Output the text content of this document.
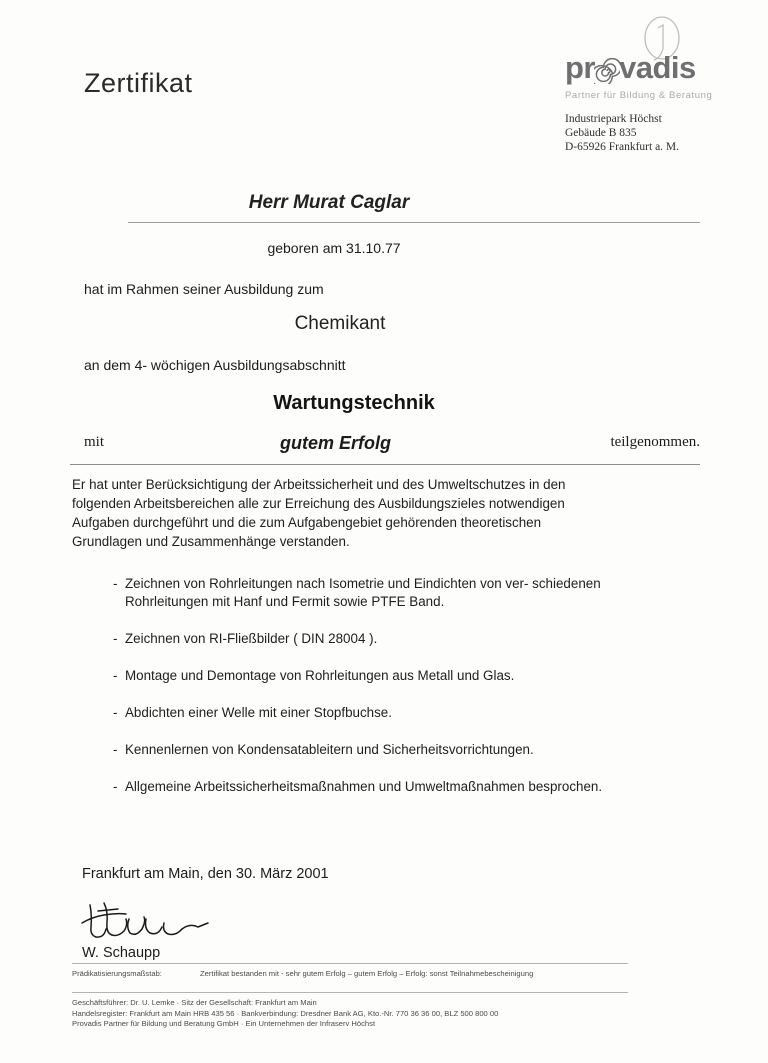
Zertifikat	pr vadis
Partner für Bildung & Beratung
Industriepark Höchst
Gebäude B 835
D-65926 Frankfurt a. M.
Herr Murat Caglar
geboren am 31.10.77
hat im Rahmen seiner Ausbildung zum
Chemikant
an dem 4- wöchigen Ausbildungsabschnitt
Wartungstechnik
mit	gutem Erfolg	teilgenommen.
Er hat unter Berücksichtigung der Arbeitssicherheit und des Umweltschutzes in den folgenden Arbeitsbereichen alle zur Erreichung des Ausbildungszieles notwendigen Aufgaben durchgeführt und die zum Aufgabengebiet gehörenden theoretischen Grundlagen und Zusammenhänge verstanden.
- Zeichnen von Rohrleitungen nach Isometrie und Eindichten von ver- schiedenen Rohrleitungen mit Hanf und Fermit sowie PTFE Band.
- Zeichnen von RI-Fließbilder ( DIN 28004 ).
- Montage und Demontage von Rohrleitungen aus Metall und Glas.
- Abdichten einer Welle mit einer Stopfbuchse.
- Kennenlernen von Kondensatableitern und Sicherheitsvorrichtungen.
- Allgemeine Arbeitssicherheitsmaßnahmen und Umweltmaßnahmen besprochen.
Frankfurt am Main, den 30. März 2001
W. Schaupp
Prädikatisierungsmaßstab:	Zertifikat bestanden mit - sehr gutem Erfolg – gutem Erfolg – Erfolg: sonst Teilnahmebescheinigung
Geschäftsführer: Dr. U. Lemke · Sitz der Gesellschaft: Frankfurt am Main
Handelsregister: Frankfurt am Main HRB 435 56 · Bankverbindung: Dresdner Bank AG, Kto.-Nr. 770 36 36 00, BLZ 500 800 00
Provadis Partner für Bildung und Beratung GmbH · Ein Unternehmen der Infraserv Höchst
